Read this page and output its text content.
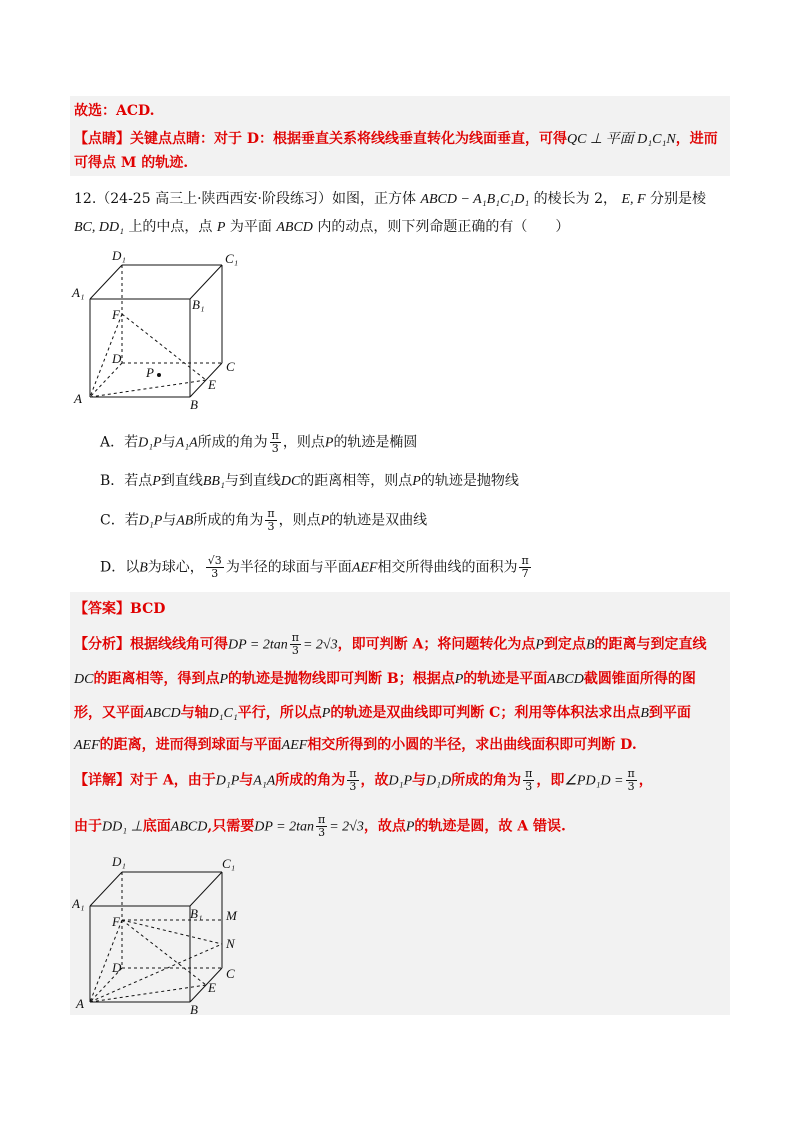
故选：ACD.
【点睛】关键点点睛：对于 D：根据垂直关系将线线垂直转化为线面垂直，可得QC ⊥ 平面 D₁C₁N，进而
可得点 M 的轨迹.
12.（24-25 高三上·陕西西安·阶段练习）如图，正方体 ABCD − A₁B₁C₁D₁ 的棱长为 2， E, F 分别是棱
BC, DD₁ 上的中点，点 P 为平面 ABCD 内的动点，则下列命题正确的有（　　）
D₁	C₁
A₁
B₁
F
D
C
P
E
A	B
A．若D₁P与A₁A所成的角为 $\frac{\pi}{3}$ ，则点P的轨迹是椭圆
B．若点P到直线BB₁与到直线DC的距离相等，则点P的轨迹是抛物线
C．若D₁P与AB所成的角为 $\frac{\pi}{3}$ ，则点P的轨迹是双曲线
D．以B为球心， $\frac{√3}{3}$ 为半径的球面与平面AEF相交所得曲线的面积为 $\frac{\pi}{7}$
【答案】BCD
【分析】根据线线角可得DP = $2\tan \frac{\pi}{3} = 2√3$，即可判断 A；将问题转化为点P到定点B的距离与到定直线
DC的距离相等，得到点P的轨迹是抛物线即可判断 B；根据点P的轨迹是平面ABCD截圆锥面所得的图
形，又平面ABCD与轴D₁C₁平行，所以点P的轨迹是双曲线即可判断 C；利用等体积法求出点B到平面
AEF的距离，进而得到球面与平面AEF相交所得到的小圆的半径，求出曲线面积即可判断 D.
【详解】对于 A，由于D₁P与A₁A所成的角为 $\frac{\pi}{3}$ ，故D₁P与D₁D所成的角为 $\frac{\pi}{3}$ ，即∠PD₁D = $\frac{\pi}{3}$ ，
由于DD₁ ⊥底面ABCD,只需要DP = $2\tan \frac{\pi}{3} = 2√3$，故点P的轨迹是圆，故 A 错误.
D₁	C₁
A₁
B₁ M
F
N
D	C
E
A	B
